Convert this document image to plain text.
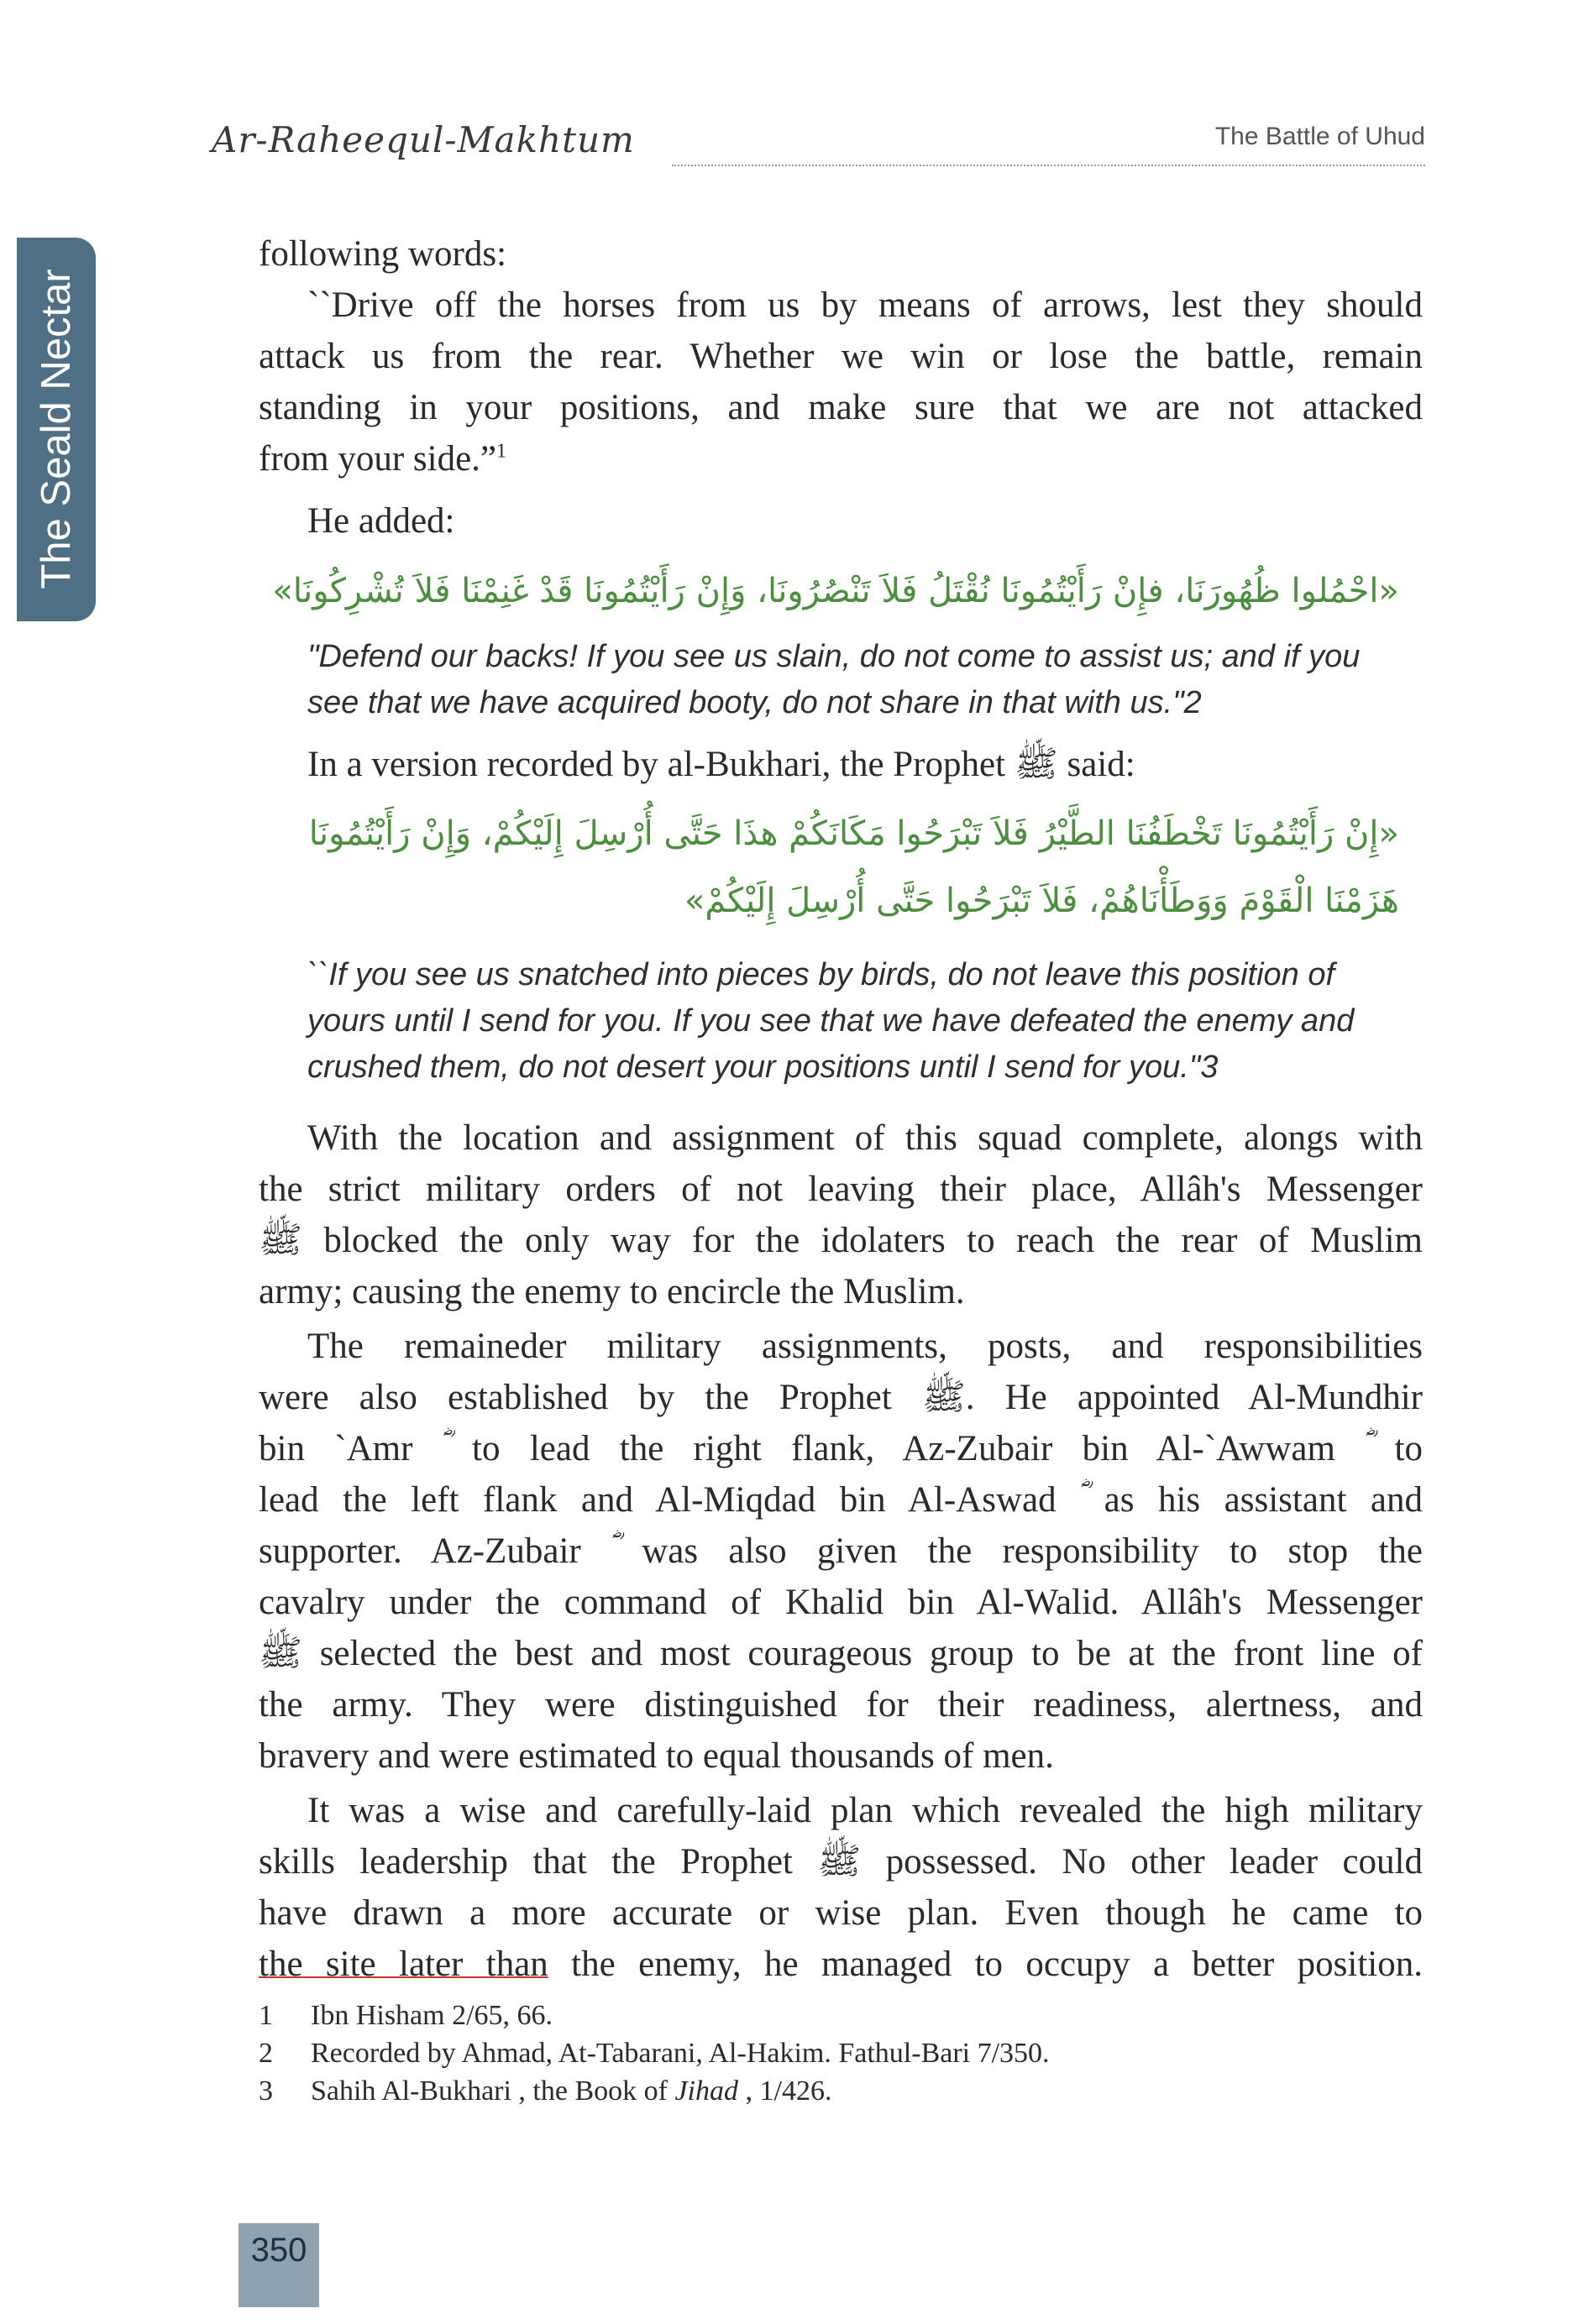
Ar-Raheequl-Makhtum	The Battle of Uhud
The Seald Nectar

following words:

``Drive off the horses from us by means of arrows, lest they should

attack us from the rear. Whether we win or lose the battle, remain

standing in your positions, and make sure that we are not attacked

from your side.”$^1$

He added:

«احْمُلوا ظُهُورَنَا، فإِنْ رَأَيْتُمُونَا نُقْتَلُ فَلاَ تَنْصُرُونَا، وَإِنْ رَأَيْتُمُونَا قَدْ غَنِمْنَا فَلاَ تُشْرِكُونَا»

"Defend our backs! If you see us slain, do not come to assist us; and if you

see that we have acquired booty, do not share in that with us."2

In a version recorded by al-Bukhari, the Prophet ﷺ said:

«إِنْ رَأَيْتُمُونَا تَخْطَفُنَا الطَّيْرُ فَلاَ تَبْرَحُوا مَكَانَكُمْ هذَا حَتَّى أُرْسِلَ إِلَيْكُمْ، وَإِنْ رَأَيْتُمُونَا

هَزَمْنَا الْقَوْمَ وَوَطَأْنَاهُمْ، فَلاَ تَبْرَحُوا حَتَّى أُرْسِلَ إِلَيْكُمْ»

``If you see us snatched into pieces by birds, do not leave this position of

yours until I send for you. If you see that we have defeated the enemy and

crushed them, do not desert your positions until I send for you."3

With the location and assignment of this squad complete, alongs with

the strict military orders of not leaving their place, Allâh's Messenger

ﷺ blocked the only way for the idolaters to reach the rear of Muslim

army; causing the enemy to encircle the Muslim.

The remaineder military assignments, posts, and responsibilities

were also established by the Prophet ﷺ. He appointed Al-Mundhir

bin `Amr ؓ to lead the right flank, Az-Zubair bin Al-`Awwam ؓ to

lead the left flank and Al-Miqdad bin Al-Aswad ؓ as his assistant and

supporter. Az-Zubair ؓ was also given the responsibility to stop the

cavalry under the command of Khalid bin Al-Walid. Allâh's Messenger

ﷺ selected the best and most courageous group to be at the front line of

the army. They were distinguished for their readiness, alertness, and

bravery and were estimated to equal thousands of men.

It was a wise and carefully-laid plan which revealed the high military

skills leadership that the Prophet ﷺ possessed. No other leader could

have drawn a more accurate or wise plan. Even though he came to

the site later than the enemy, he managed to occupy a better position.

1 Ibn Hisham 2/65, 66.

2 Recorded by Ahmad, At-Tabarani, Al-Hakim. Fathul-Bari 7/350.

3 Sahih Al-Bukhari , the Book of Jihad , 1/426.

350
